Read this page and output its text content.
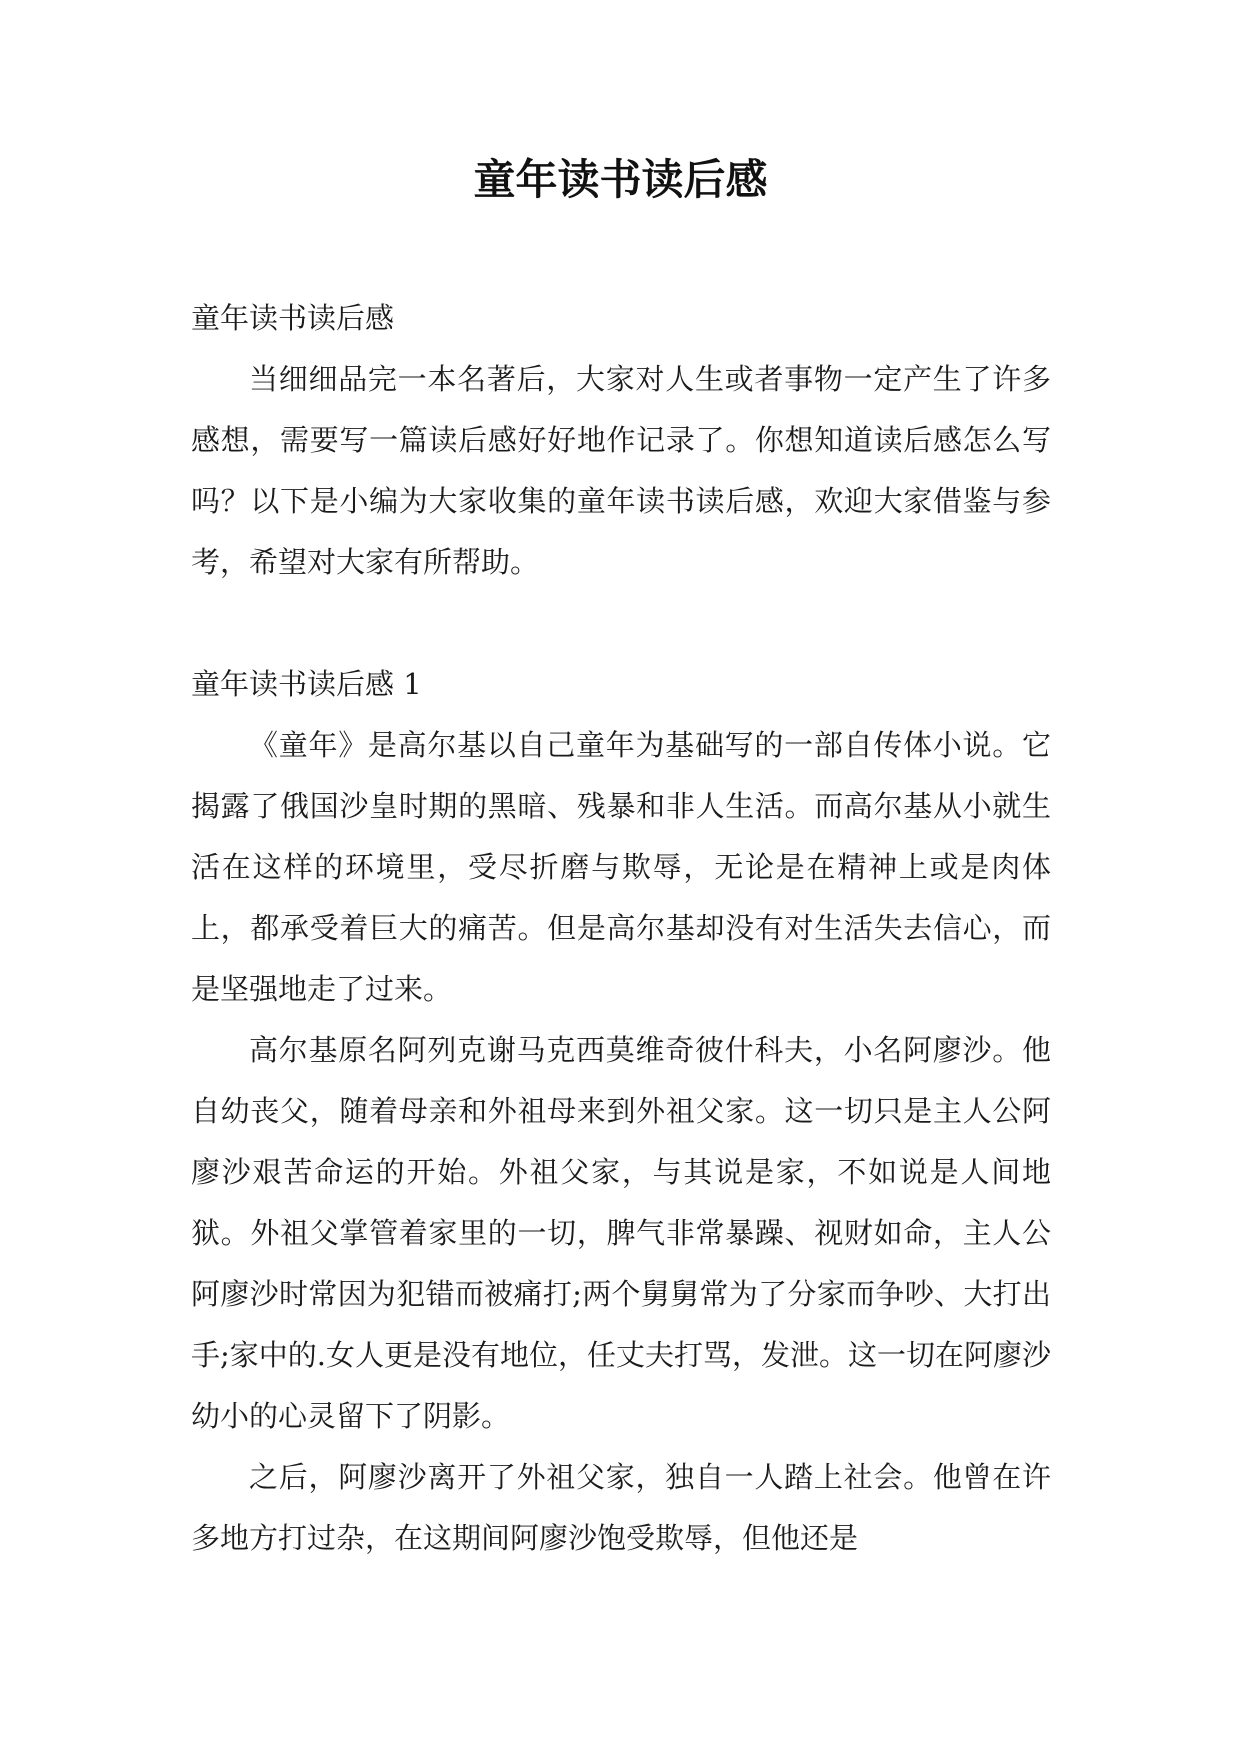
童年读书读后感

童年读书读后感

当细细品完一本名著后，大家对人生或者事物一定产生了许多感想，需要写一篇读后感好好地作记录了。你想知道读后感怎么写吗？以下是小编为大家收集的童年读书读后感，欢迎大家借鉴与参考，希望对大家有所帮助。

童年读书读后感 1

《童年》是高尔基以自己童年为基础写的一部自传体小说。它揭露了俄国沙皇时期的黑暗、残暴和非人生活。而高尔基从小就生活在这样的环境里，受尽折磨与欺辱，无论是在精神上或是肉体上，都承受着巨大的痛苦。但是高尔基却没有对生活失去信心，而是坚强地走了过来。

高尔基原名阿列克谢马克西莫维奇彼什科夫，小名阿廖沙。他自幼丧父，随着母亲和外祖母来到外祖父家。这一切只是主人公阿廖沙艰苦命运的开始。外祖父家，与其说是家，不如说是人间地狱。外祖父掌管着家里的一切，脾气非常暴躁、视财如命，主人公阿廖沙时常因为犯错而被痛打;两个舅舅常为了分家而争吵、大打出手;家中的.女人更是没有地位，任丈夫打骂，发泄。这一切在阿廖沙幼小的心灵留下了阴影。

之后，阿廖沙离开了外祖父家，独自一人踏上社会。他曾在许多地方打过杂，在这期间阿廖沙饱受欺辱，但他还是
